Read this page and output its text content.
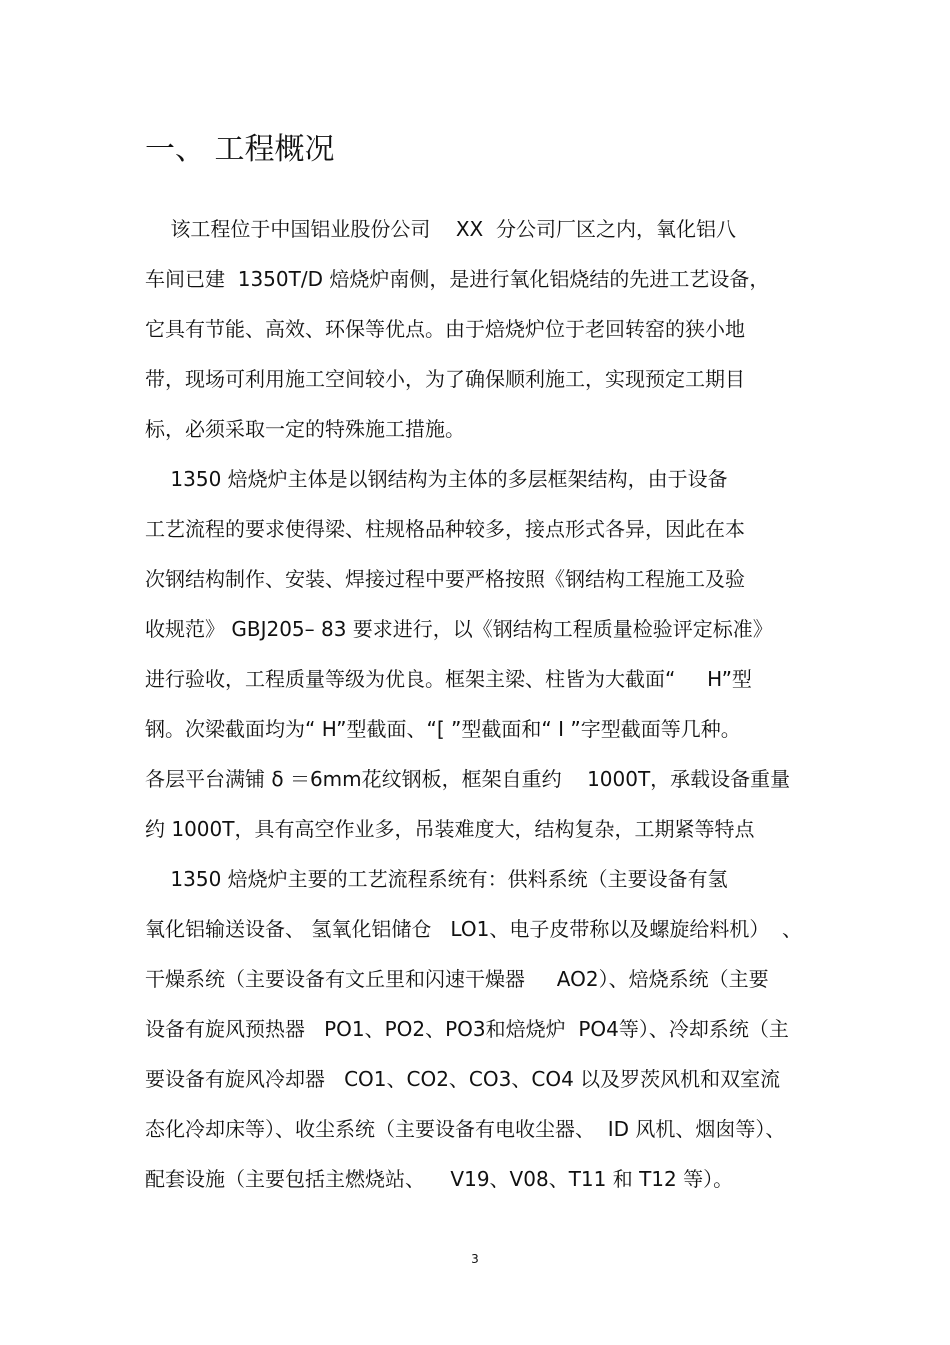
一、 工程概况
该工程位于中国铝业股份公司    XX  分公司厂区之内，氧化铝八
车间已建  1350T/D 焙烧炉南侧，是进行氧化铝烧结的先进工艺设备，
它具有节能、高效、环保等优点。由于焙烧炉位于老回转窑的狭小地
带，现场可利用施工空间较小，为了确保顺利施工，实现预定工期目
标，必须采取一定的特殊施工措施。
1350 焙烧炉主体是以钢结构为主体的多层框架结构，由于设备
工艺流程的要求使得梁、柱规格品种较多，接点形式各异，因此在本
次钢结构制作、安装、焊接过程中要严格按照《钢结构工程施工及验
收规范》 GBJ205– 83 要求进行，以《钢结构工程质量检验评定标准》
进行验收，工程质量等级为优良。框架主梁、柱皆为大截面“     H”型
钢。次梁截面均为“ H”型截面、“[ ”型截面和“ I ”字型截面等几种。
各层平台满铺 δ ＝6mm花纹钢板，框架自重约    1000T，承载设备重量
约 1000T，具有高空作业多，吊装难度大，结构复杂，工期紧等特点
1350 焙烧炉主要的工艺流程系统有：供料系统（主要设备有氢
氧化铝输送设备、 氢氧化铝储仓   LO1、电子皮带称以及螺旋给料机）  、
干燥系统（主要设备有文丘里和闪速干燥器     AO2）、焙烧系统（主要
设备有旋风预热器   PO1、PO2、PO3和焙烧炉  PO4等）、冷却系统（主
要设备有旋风冷却器   CO1、CO2、CO3、CO4 以及罗茨风机和双室流
态化冷却床等）、收尘系统（主要设备有电收尘器、  ID 风机、烟囱等）、
配套设施（主要包括主燃烧站、    V19、V08、T11 和 T12 等）。
3
